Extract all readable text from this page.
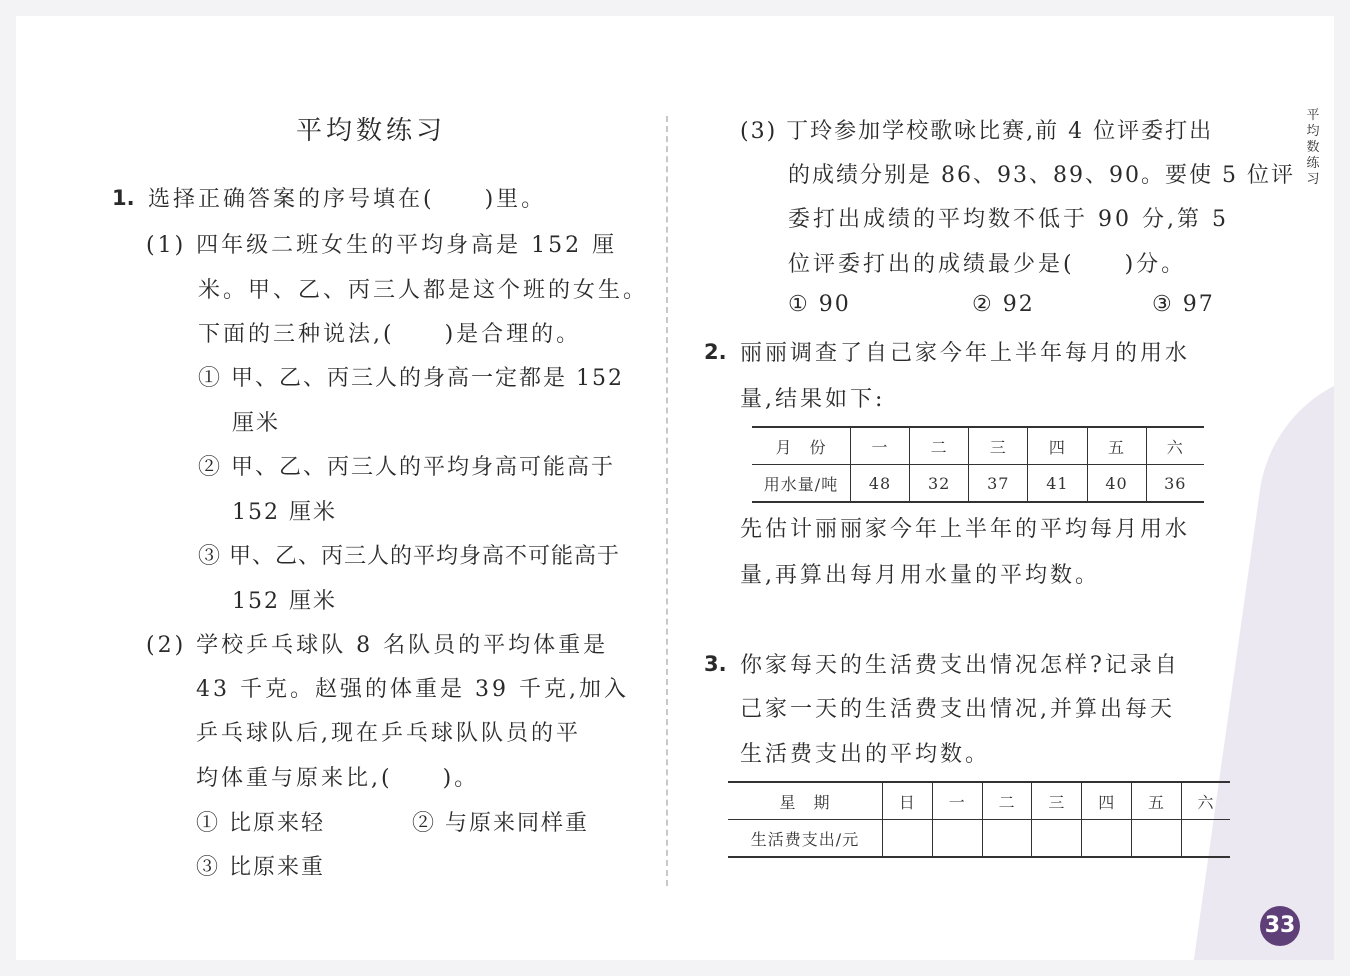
平均数练习
1. 选择正确答案的序号填在(　　)里。
(1) 四年级二班女生的平均身高是 152 厘
米。甲、乙、丙三人都是这个班的女生。
下面的三种说法,(　　)是合理的。
① 甲、乙、丙三人的身高一定都是 152
厘米
② 甲、乙、丙三人的平均身高可能高于
152 厘米
③ 甲、乙、丙三人的平均身高不可能高于
152 厘米
(2) 学校乒乓球队 8 名队员的平均体重是
43 千克。赵强的体重是 39 千克,加入
乒乓球队后,现在乒乓球队队员的平
均体重与原来比,(　　)。
① 比原来轻	② 与原来同样重
③ 比原来重
(3) 丁玲参加学校歌咏比赛,前 4 位评委打出
的成绩分别是 86、93、89、90。要使 5 位评
委打出成绩的平均数不低于 90 分,第 5
位评委打出的成绩最少是(　　)分。
① 90	② 92	③ 97
2. 丽丽调查了自己家今年上半年每月的用水
量,结果如下:
月　份	一	二	三	四	五	六
用水量/吨	48	32	37	41	40	36
先估计丽丽家今年上半年的平均每月用水
量,再算出每月用水量的平均数。
3. 你家每天的生活费支出情况怎样?记录自
己家一天的生活费支出情况,并算出每天
生活费支出的平均数。
星　期	日	一	二	三	四	五	六
生活费支出/元							
平均数练习
33
